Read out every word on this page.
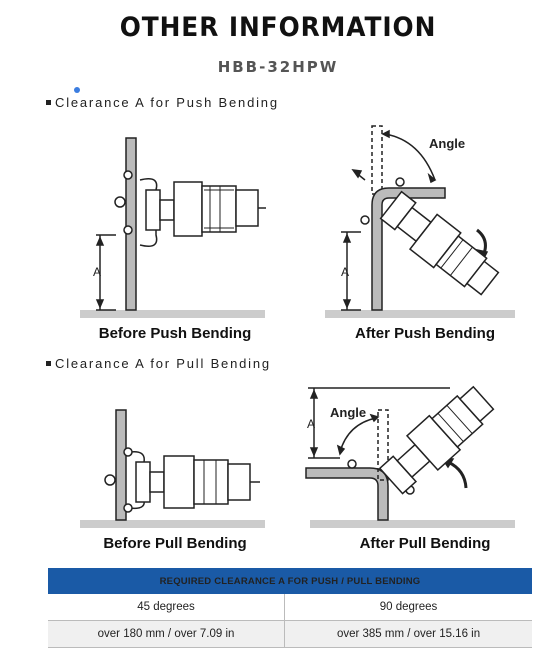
OTHER INFORMATION
HBB-32HPW
Clearance A for Push Bending
A
Before Push Bending
Angle
A
After Push Bending
Clearance A for Pull Bending
Before Pull Bending
Angle
A
After Pull Bending
REQUIRED CLEARANCE A FOR PUSH / PULL BENDING	
45 degrees	90 degrees
over 180 mm / over 7.09 in	over 385 mm / over 15.16 in
